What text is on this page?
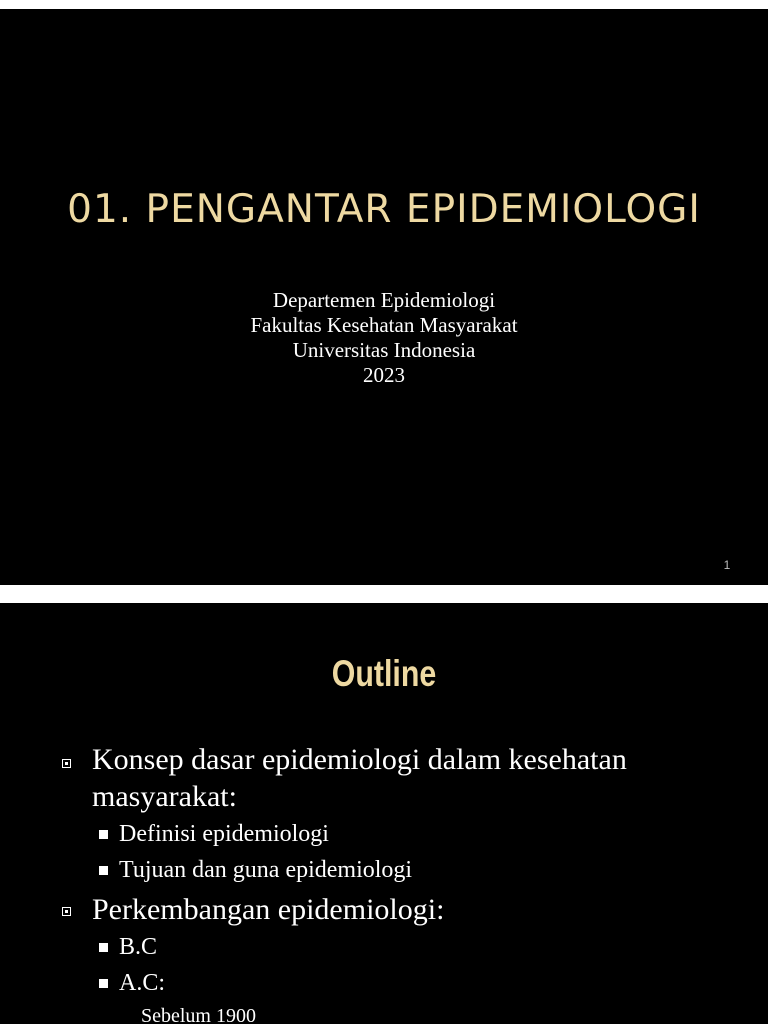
01. PENGANTAR EPIDEMIOLOGI
Departemen Epidemiologi
Fakultas Kesehatan Masyarakat
Universitas Indonesia
2023
1
Outline
Konsep dasar epidemiologi dalam kesehatan masyarakat:
Definisi epidemiologi
Tujuan dan guna epidemiologi
Perkembangan epidemiologi:
B.C
A.C:
Sebelum 1900
